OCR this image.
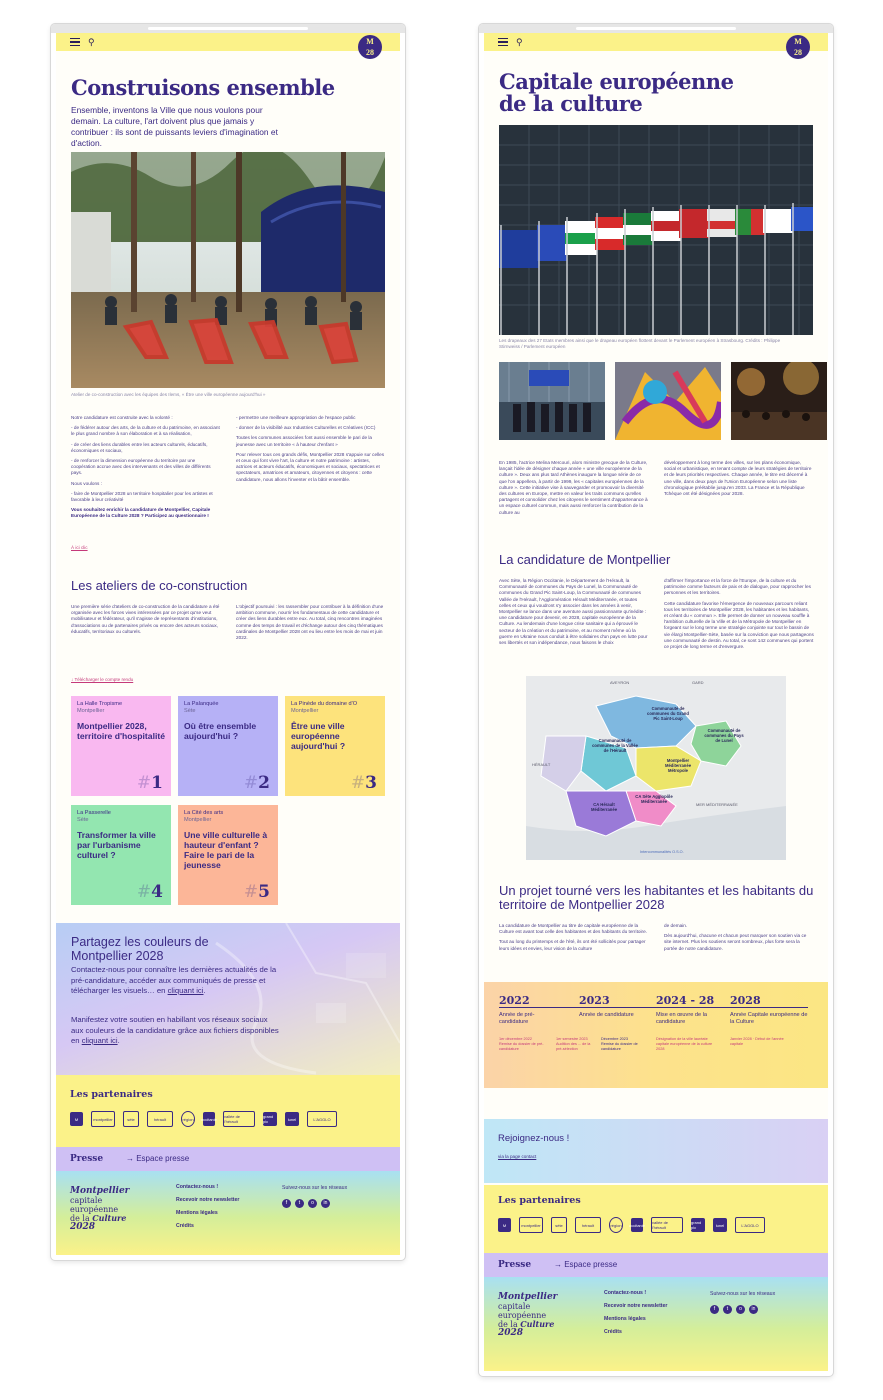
⚲	M
28
Construisons ensemble
Ensemble, inventons la Ville que nous voulons pour demain. La culture, l'art doivent plus que jamais y contribuer : ils sont de puissants leviers d'imagination et d'action.
Atelier de co-construction avec les équipes des Ilems, « Être une ville européenne aujourd'hui »

Notre candidature est construite avec la volonté :

- de fédérer autour des arts, de la culture et du patrimoine, en associant le plus grand nombre à son élaboration et à sa réalisation,

- de créer des liens durables entre les acteurs culturels, éducatifs, économiques et sociaux,

- de renforcer la dimension européenne du territoire par une coopération accrue avec des intervenants et des villes de différents pays.

Nous voulons :

- faire de Montpellier 2028 un territoire hospitalier pour les artistes et favorable à leur créativité

Vous souhaitez enrichir la candidature de Montpellier, Capitale Européenne de la Culture 2028 ? Participez au questionnaire !

À ici clic

- permettre une meilleure appropriation de l'espace public

- donner de la visibilité aux Industries Culturelles et Créatives (ICC)

Toutes les communes associées font aussi ensemble le pari de la jeunesse avec un territoire « à hauteur d'enfant »

Pour relever tous ces grands défis, Montpellier 2028 s'appuie sur celles et ceux qui font vivre l'art, la culture et notre patrimoine : artistes, actrices et acteurs éducatifs, économiques et sociaux, spectatrices et spectateurs, amatrices et amateurs, citoyennes et citoyens : cette candidature, nous allons l'inventer et la bâtir ensemble.

Les ateliers de co-construction
Une première série d'ateliers de co-construction de la candidature a été organisée avec les forces vives intéressées par ce projet qu'se veut mobilisateur et fédérateur, qu'il s'agisse de représentants d'institutions, d'associations ou de partenaires privés ou encore des acteurs sociaux, éducatifs, territoriaux ou culturels.
L'objectif poursuivi : les rassembler pour contribuer à la définition d'une ambition commune, nourrir les fondamentaux de cette candidature et créer des liens durables entre eux. Au total, cinq rencontres imaginées comme des temps de travail et d'échange autour des cinq thématiques cardinales de Montpellier 2028 ont eu lieu entre les mois de mai et juin 2022.
↓ Télécharger le compte rendu
La Halle Tropisme
Montpellier
Montpellier 2028, territoire d'hospitalité
#1
La Palanquée
Sète
Où être ensemble aujourd'hui ?
#2
La Pinède du domaine d'O
Montpellier
Être une ville européenne aujourd'hui ?
#3
La Passerelle
Sète
Transformer la ville par l'urbanisme culturel ?
#4
La Cité des arts
Montpellier
Une ville culturelle à hauteur d'enfant ? Faire le pari de la jeunesse
#5
Partagez les couleurs de Montpellier 2028

Contactez-nous pour connaître les dernières actualités de la pré-candidature, accéder aux communiqués de presse et télécharger les visuels… en cliquant ici.

Manifestez votre soutien en habillant vos réseaux sociaux aux couleurs de la candidature grâce aux fichiers disponibles en cliquant ici.

Les partenaires
M	montpellier	sète	hérault	région	occitanie vallée de l'hérault
grand pic	lunel	L'AGGLO
Presse	→ Espace presse
Montpellier
capitale
européenne
de la Culture
2028
Contactez-nous !
Recevoir notre newsletter
Mentions légales
Crédits
Suivez-nous sur les réseaux
f	t	o	in
⚲	M
28
Capitale européenne
de la culture
Les drapeaux des 27 Etats membres ainsi que le drapeau européen flottent devant le Parlement européen à Strasbourg. Crédits : Philippe Stirnweiss / Parlement européen
En 1985, l'actrice Melina Mercouri, alors ministre grecque de la Culture, lançait l'idée de désigner chaque année « une ville européenne de la culture ». Deux ans plus tard Athènes inaugure la longue série de ce que l'on appellera, à partir de 1999, les « capitales européennes de la culture ». Cette initiative vise à sauvegarder et promouvoir la diversité des cultures en Europe, mettre en valeur les traits communs qu'elles partagent et consolider chez les citoyens le sentiment d'appartenance à un espace culturel commun, mais aussi renforcer la contribution de la culture au
développement à long terme des villes, sur les plans économique, social et urbanistique, en tenant compte de leurs stratégies de territoire et de leurs priorités respectives. Chaque année, le titre est décerné à une ville, dans deux pays de l'Union Européenne selon une liste chronologique préétablie jusqu'en 2033. La France et la République Tchèque ont été désignées pour 2028.
La candidature de Montpellier
Avec Sète, la Région Occitanie, le Département de l'Hérault, la Communauté de communes du Pays de Lunel, la Communauté de communes du Grand Pic Saint-Loup, la Communauté de communes Vallée de l'Hérault, l'Agglomération Hérault Méditerranée, et toutes celles et ceux qui voudront s'y associer dans les années à venir, Montpellier se lance dans une aventure aussi passionnante qu'inédite : une candidature pour devenir, en 2028, capitale européenne de la Culture. Au lendemain d'une longue crise sanitaire qui a éprouvé le secteur de la création et du patrimoine, et au moment même où la guerre en Ukraine nous conduit à être solidaires d'un pays en lutte pour ses libertés et son indépendance, nous faisons le choix

d'affirmer l'importance et la force de l'Europe, de la culture et du patrimoine comme facteurs de paix et de dialogue, pour rapprocher les personnes et les territoires.

Cette candidature favorise l'émergence de nouveaux parcours reliant tous les territoires de Montpellier 2028, les habitantes et les habitants, et créant du « commun ». Elle permet de donner un nouveau souffle à l'ambition culturelle de la Ville et de la Métropole de Montpellier en forgeant sur le long terme une stratégie conjointe sur tout le bassin de vie élargi Montpellier-Sète, basée sur la conviction que nous partageons une communauté de destin. Au total, ce sont 142 communes qui portent ce projet de long terme et d'envergure.

AVEYRON	GARD
HÉRAULT
MER MÉDITERRANÉE
Communauté de communes du Grand Pic Saint-Loup
Communauté de communes de la Vallée de l'Hérault
Communauté de communes du Pays de Lunel
Montpellier Méditerranée Métropole
CA Sète Agglopôle Méditerranée
CA Hérault Méditerranée
Intercommunalités O.S.O.
Un projet tourné vers les habitantes et les habitants du territoire de Montpellier 2028

La candidature de Montpellier au titre de capitale européenne de la Culture est avant tout celle des habitantes et des habitants du territoire.

Tout au long du printemps et de l'été, ils ont été sollicités pour partager leurs idées et envies, leur vision de la culture

de demain.

Dès aujourd'hui, chacune et chacun peut marquer son soutien via ce site internet. Plus les soutiens seront nombreux, plus forte sera la portée de notre candidature.

2022
Année de pré-candidature
1er décembre 2022
Remise du dossier de pré-candidature
2023
Année de candidature
1er semestre 2023
Audition des ... de la pré-sélection
Décembre 2023
Remise du dossier de candidature
2024 - 28
Mise en œuvre de la candidature
Désignation de la ville lauréate capitale européenne de la culture 2028
2028
Année Capitale européenne de la Culture
Janvier 2028 · Début de l'année capitale
Rejoignez-nous !
via la page contact
Les partenaires
M	montpellier	sète	hérault	région	occitanie vallée de l'hérault
grand pic	lunel	L'AGGLO
Presse	→ Espace presse
Montpellier
capitale
européenne
de la Culture
2028
Contactez-nous !
Recevoir notre newsletter
Mentions légales
Crédits
Suivez-nous sur les réseaux
f	t	o	in
